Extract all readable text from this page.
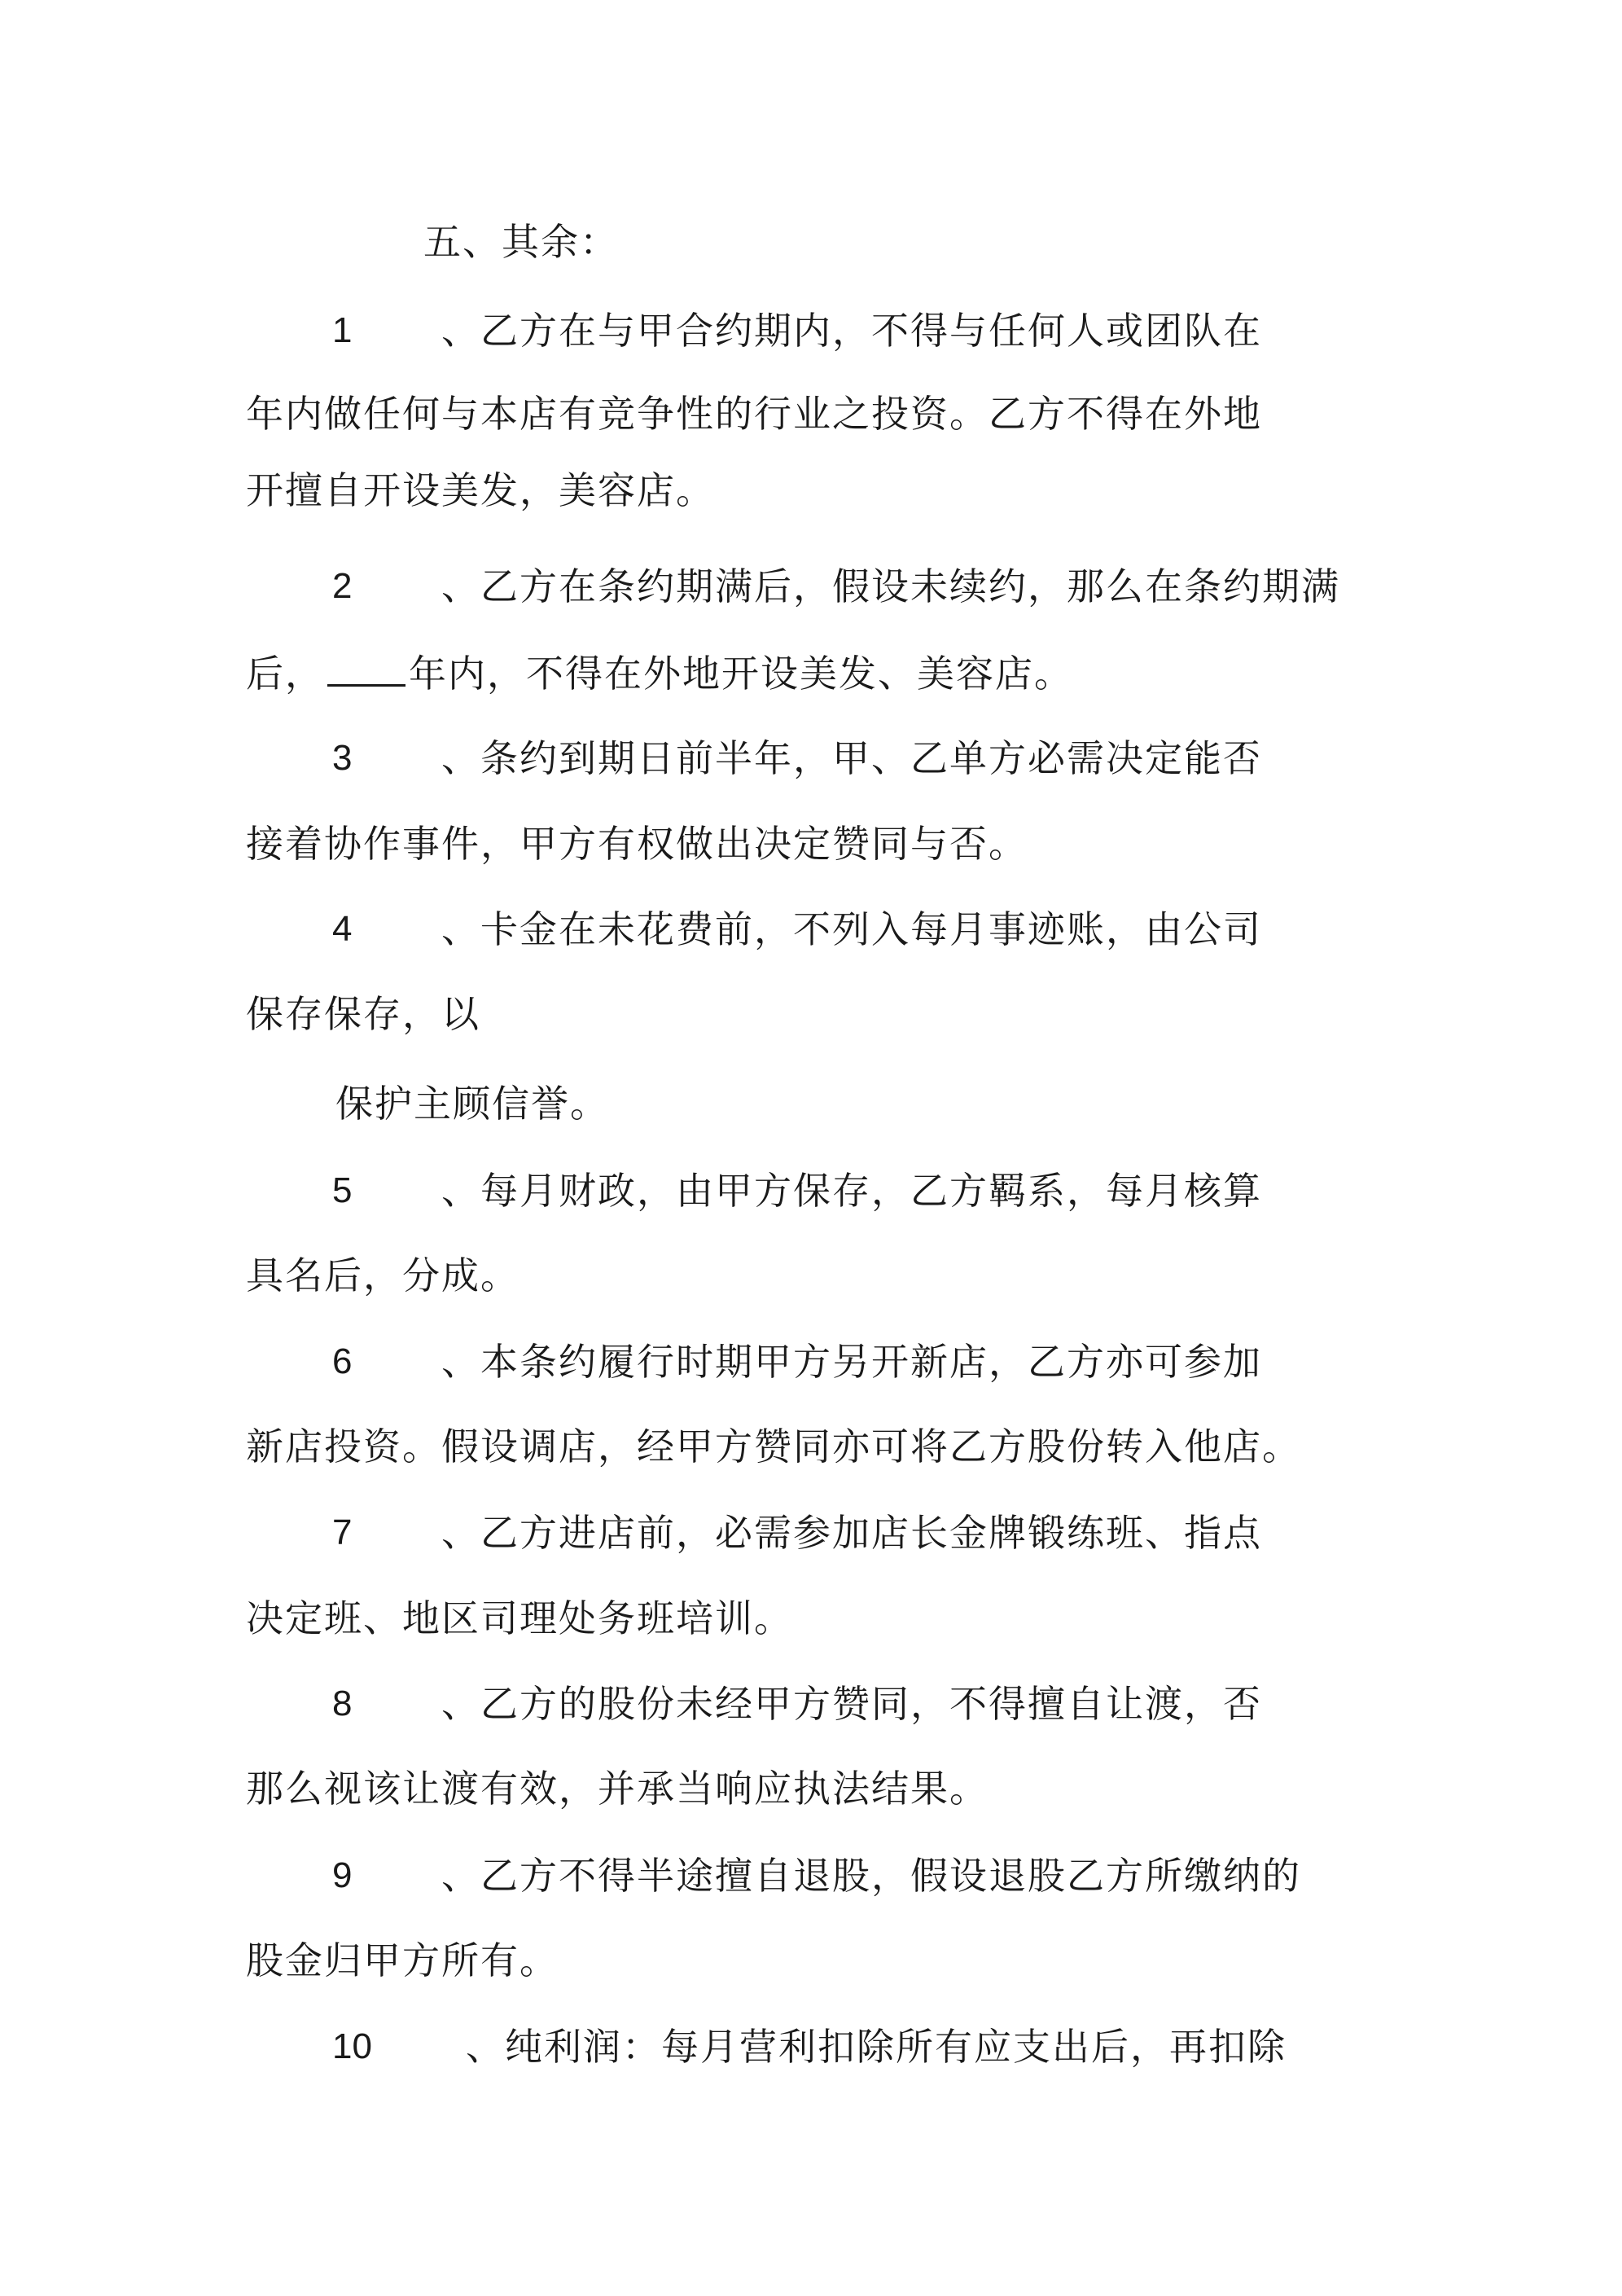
五、其余：
1 、乙方在与甲合约期内，不得与任何人或团队在
年内做任何与本店有竞争性的行业之投资。乙方不得在外地
开擅自开设美发，美容店。
2 、乙方在条约期满后，假设未续约，那么在条约期满
后， 年内，不得在外地开设美发、美容店。
3 、条约到期日前半年，甲、乙单方必需决定能否
接着协作事件，甲方有权做出决定赞同与否。
4 、卡金在未花费前，不列入每月事迹账，由公司
保存保存，以
保护主顾信誉。
5 、每月财政，由甲方保存，乙方羁系，每月核算
具名后，分成。
6 、本条约履行时期甲方另开新店，乙方亦可参加
新店投资。假设调店，经甲方赞同亦可将乙方股份转入他店。
7 、乙方进店前，必需参加店长金牌锻练班、指点
决定班、地区司理处务班培训。
8 、乙方的股份未经甲方赞同，不得擅自让渡，否
那么视该让渡有效，并承当响应执法结果。
9 、乙方不得半途擅自退股，假设退股乙方所缴纳的
股金归甲方所有。
10	、纯利润：每月营利扣除所有应支出后，再扣除
